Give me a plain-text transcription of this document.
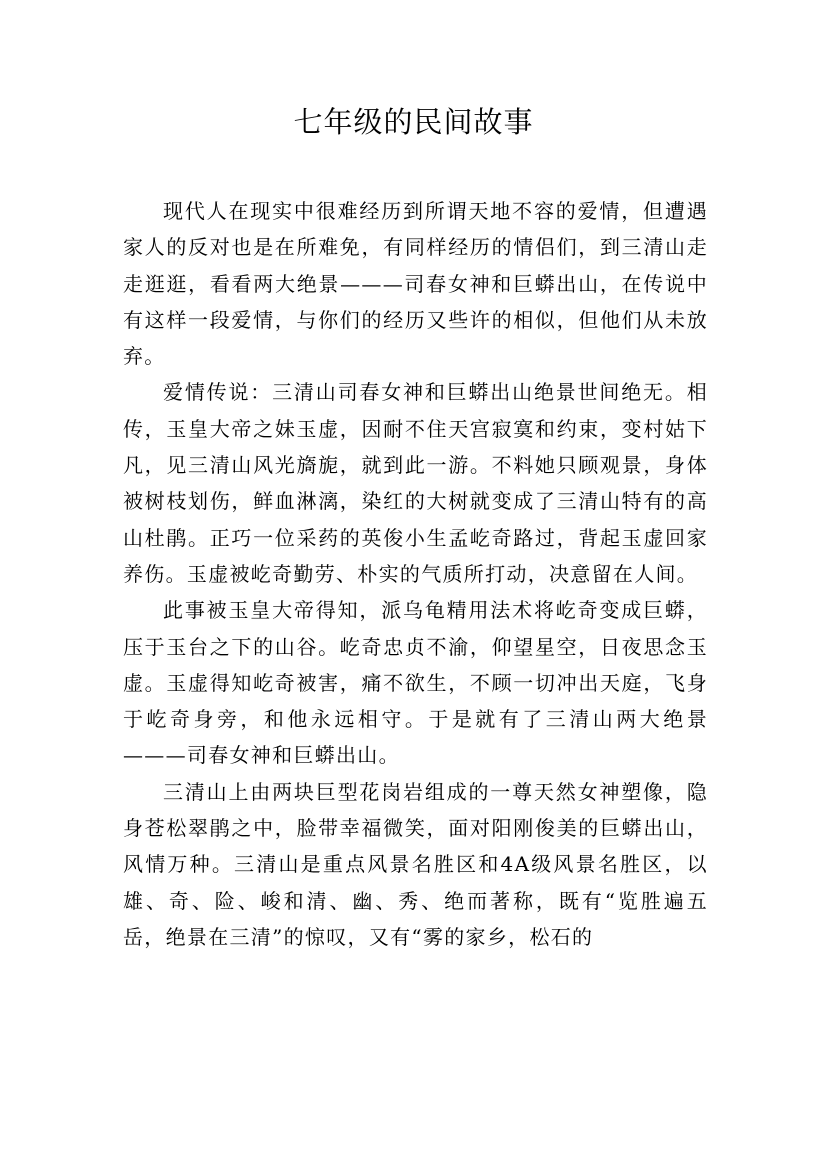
七年级的民间故事

现代人在现实中很难经历到所谓天地不容的爱情，但遭遇家人的反对也是在所难免，有同样经历的情侣们，到三清山走走逛逛，看看两大绝景———司春女神和巨蟒出山，在传说中有这样一段爱情，与你们的经历又些许的相似，但他们从未放弃。

爱情传说：三清山司春女神和巨蟒出山绝景世间绝无。相传，玉皇大帝之妹玉虚，因耐不住天宫寂寞和约束，变村姑下凡，见三清山风光旖旎，就到此一游。不料她只顾观景，身体被树枝划伤，鲜血淋漓，染红的大树就变成了三清山特有的高山杜鹃。正巧一位采药的英俊小生孟屹奇路过，背起玉虚回家养伤。玉虚被屹奇勤劳、朴实的气质所打动，决意留在人间。

此事被玉皇大帝得知，派乌龟精用法术将屹奇变成巨蟒，压于玉台之下的山谷。屹奇忠贞不渝，仰望星空，日夜思念玉虚。玉虚得知屹奇被害，痛不欲生，不顾一切冲出天庭，飞身于屹奇身旁，和他永远相守。于是就有了三清山两大绝景———司春女神和巨蟒出山。

三清山上由两块巨型花岗岩组成的一尊天然女神塑像，隐身苍松翠鹃之中，脸带幸福微笑，面对阳刚俊美的巨蟒出山，风情万种。三清山是重点风景名胜区和4A级风景名胜区，以雄、奇、险、峻和清、幽、秀、绝而著称，既有“览胜遍五岳，绝景在三清”的惊叹，又有“雾的家乡，松石的
